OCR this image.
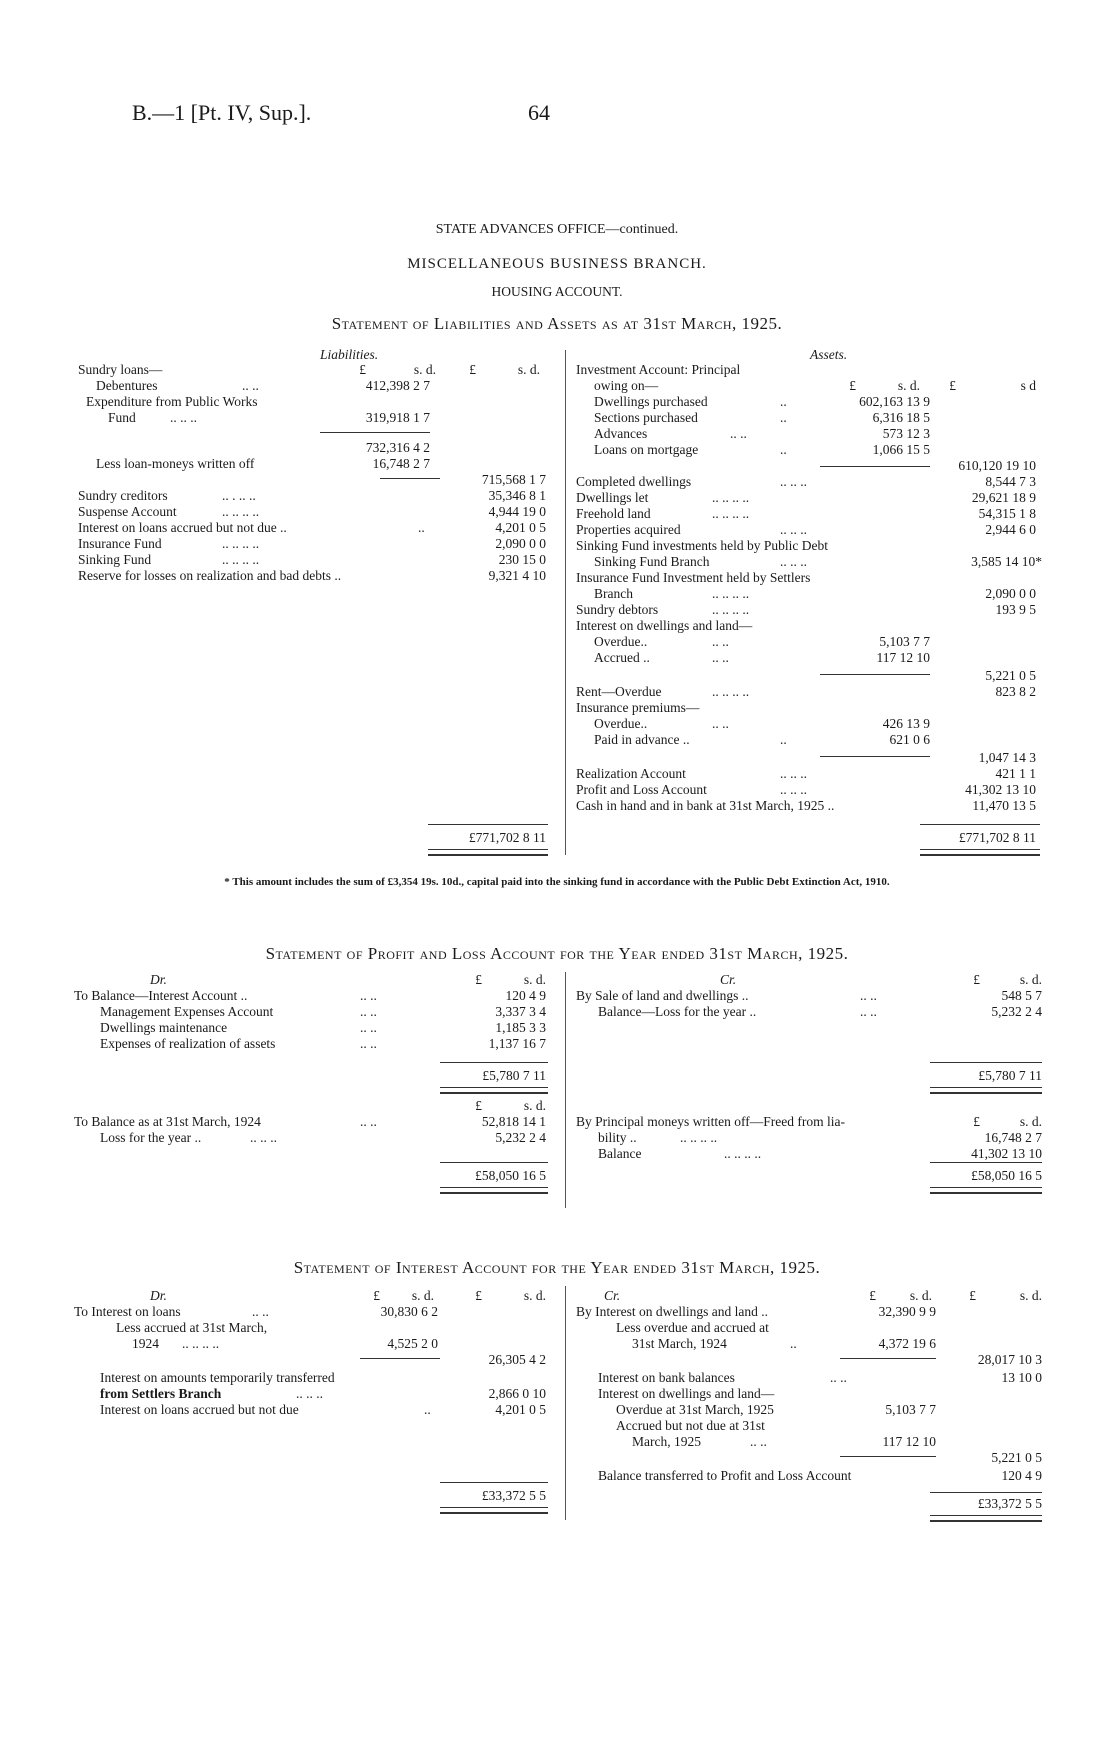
B.—1 [Pt. IV, Sup.].	64
STATE ADVANCES OFFICE—continued.
MISCELLANEOUS BUSINESS BRANCH.
HOUSING ACCOUNT.
Statement of Liabilities and Assets as at 31st March, 1925.
Liabilities.	Assets.
Sundry loans—	£	s. d.	£	s. d.
Debentures	.. ..	412,398 2 7
Expenditure from Public Works
Fund	.. .. ..	319,918 1 7
732,316 4 2
Less loan-moneys written off	16,748 2 7
715,568 1 7
Sundry creditors	.. . .. ..	35,346 8 1
Suspense Account	.. .. .. ..	4,944 19 0
Interest on loans accrued but not due ..	..	4,201 0 5
Insurance Fund	.. .. .. ..	2,090 0 0
Sinking Fund	.. .. .. ..	230 15 0
Reserve for losses on realization and bad debts ..	9,321 4 10
£771,702 8 11
Investment Account: Principal
owing on—	£	s. d.	£	s d
Dwellings purchased	..	602,163 13 9
Sections purchased	..	6,316 18 5
Advances	.. ..	573 12 3
Loans on mortgage	..	1,066 15 5
610,120 19 10
Completed dwellings	.. .. ..	8,544 7 3
Dwellings let	.. .. .. ..	29,621 18 9
Freehold land	.. .. .. ..	54,315 1 8
Properties acquired	.. .. ..	2,944 6 0
Sinking Fund investments held by Public Debt
Sinking Fund Branch	.. .. ..	3,585 14 10*
Insurance Fund Investment held by Settlers
Branch	.. .. .. ..	2,090 0 0
Sundry debtors	.. .. .. ..	193 9 5
Interest on dwellings and land—
Overdue..	.. ..	5,103 7 7
Accrued ..	.. ..	117 12 10
5,221 0 5
Rent—Overdue	.. .. .. ..	823 8 2
Insurance premiums—
Overdue..	.. ..	426 13 9
Paid in advance ..	..	621 0 6
1,047 14 3
Realization Account	.. .. ..	421 1 1
Profit and Loss Account	.. .. ..	41,302 13 10
Cash in hand and in bank at 31st March, 1925 ..	11,470 13 5
£771,702 8 11
* This amount includes the sum of £3,354 19s. 10d., capital paid into the sinking fund in accordance with the Public Debt Extinction Act, 1910.
Statement of Profit and Loss Account for the Year ended 31st March, 1925.
Dr.	£	s. d.	Cr.	£	s. d.
To Balance—Interest Account ..	.. ..	120 4 9
Management Expenses Account	.. ..	3,337 3 4
Dwellings maintenance	.. ..	1,185 3 3
Expenses of realization of assets	.. ..	1,137 16 7
£5,780 7 11
By Sale of land and dwellings ..	.. ..	548 5 7
Balance—Loss for the year ..	.. ..	5,232 2 4
£5,780 7 11
£	s. d.
£	s. d.
To Balance as at 31st March, 1924	.. ..	52,818 14 1
Loss for the year ..	.. .. ..	5,232 2 4
£58,050 16 5
By Principal moneys written off—Freed from lia-
bility ..	.. .. .. ..	16,748 2 7
Balance	.. .. .. ..	41,302 13 10
£58,050 16 5
Statement of Interest Account for the Year ended 31st March, 1925.
Dr.	£	s. d.	£	s. d.	Cr.	£	s. d.	£	s. d.
To Interest on loans	.. ..	30,830 6 2
Less accrued at 31st March,
1924 .. .. .. ..	4,525 2 0
26,305 4 2
Interest on amounts temporarily transferred
from Settlers Branch	.. .. ..	2,866 0 10
Interest on loans accrued but not due	..	4,201 0 5
£33,372 5 5
By Interest on dwellings and land ..	32,390 9 9
Less overdue and accrued at
31st March, 1924	..	4,372 19 6
28,017 10 3
Interest on bank balances	.. ..	13 10 0
Interest on dwellings and land—
Overdue at 31st March, 1925	5,103 7 7
Accrued but not due at 31st
March, 1925	.. ..	117 12 10
5,221 0 5
Balance transferred to Profit and Loss Account	120 4 9
£33,372 5 5
